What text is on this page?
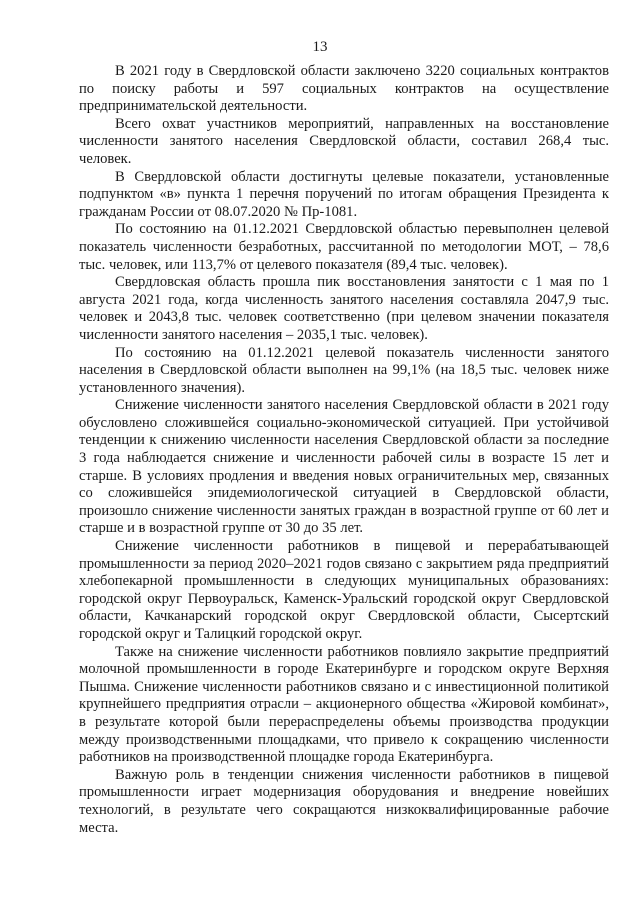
13

В 2021 году в Свердловской области заключено 3220 социальных контрактов по поиску работы и 597 социальных контрактов на осуществление предпринимательской деятельности.

Всего охват участников мероприятий, направленных на восстановление численности занятого населения Свердловской области, составил 268,4 тыс. человек.

В Свердловской области достигнуты целевые показатели, установленные подпунктом «в» пункта 1 перечня поручений по итогам обращения Президента к гражданам России от 08.07.2020 № Пр-1081.

По состоянию на 01.12.2021 Свердловской областью перевыполнен целевой показатель численности безработных, рассчитанной по методологии МОТ, – 78,6 тыс. человек, или 113,7% от целевого показателя (89,4 тыс. человек).

Свердловская область прошла пик восстановления занятости с 1 мая по 1 августа 2021 года, когда численность занятого населения составляла 2047,9 тыс. человек и 2043,8 тыс. человек соответственно (при целевом значении показателя численности занятого населения – 2035,1 тыс. человек).

По состоянию на 01.12.2021 целевой показатель численности занятого населения в Свердловской области выполнен на 99,1% (на 18,5 тыс. человек ниже установленного значения).

Снижение численности занятого населения Свердловской области в 2021 году обусловлено сложившейся социально-экономической ситуацией. При устойчивой тенденции к снижению численности населения Свердловской области за последние 3 года наблюдается снижение и численности рабочей силы в возрасте 15 лет и старше. В условиях продления и введения новых ограничительных мер, связанных со сложившейся эпидемиологической ситуацией в Свердловской области, произошло снижение численности занятых граждан в возрастной группе от 60 лет и старше и в возрастной группе от 30 до 35 лет.

Снижение численности работников в пищевой и перерабатывающей промышленности за период 2020–2021 годов связано с закрытием ряда предприятий хлебопекарной промышленности в следующих муниципальных образованиях: городской округ Первоуральск, Каменск-Уральский городской округ Свердловской области, Качканарский городской округ Свердловской области, Сысертский городской округ и Талицкий городской округ.

Также на снижение численности работников повлияло закрытие предприятий молочной промышленности в городе Екатеринбурге и городском округе Верхняя Пышма. Снижение численности работников связано и с инвестиционной политикой крупнейшего предприятия отрасли – акционерного общества «Жировой комбинат», в результате которой были перераспределены объемы производства продукции между производственными площадками, что привело к сокращению численности работников на производственной площадке города Екатеринбурга.

Важную роль в тенденции снижения численности работников в пищевой промышленности играет модернизация оборудования и внедрение новейших технологий, в результате чего сокращаются низкоквалифицированные рабочие места.
